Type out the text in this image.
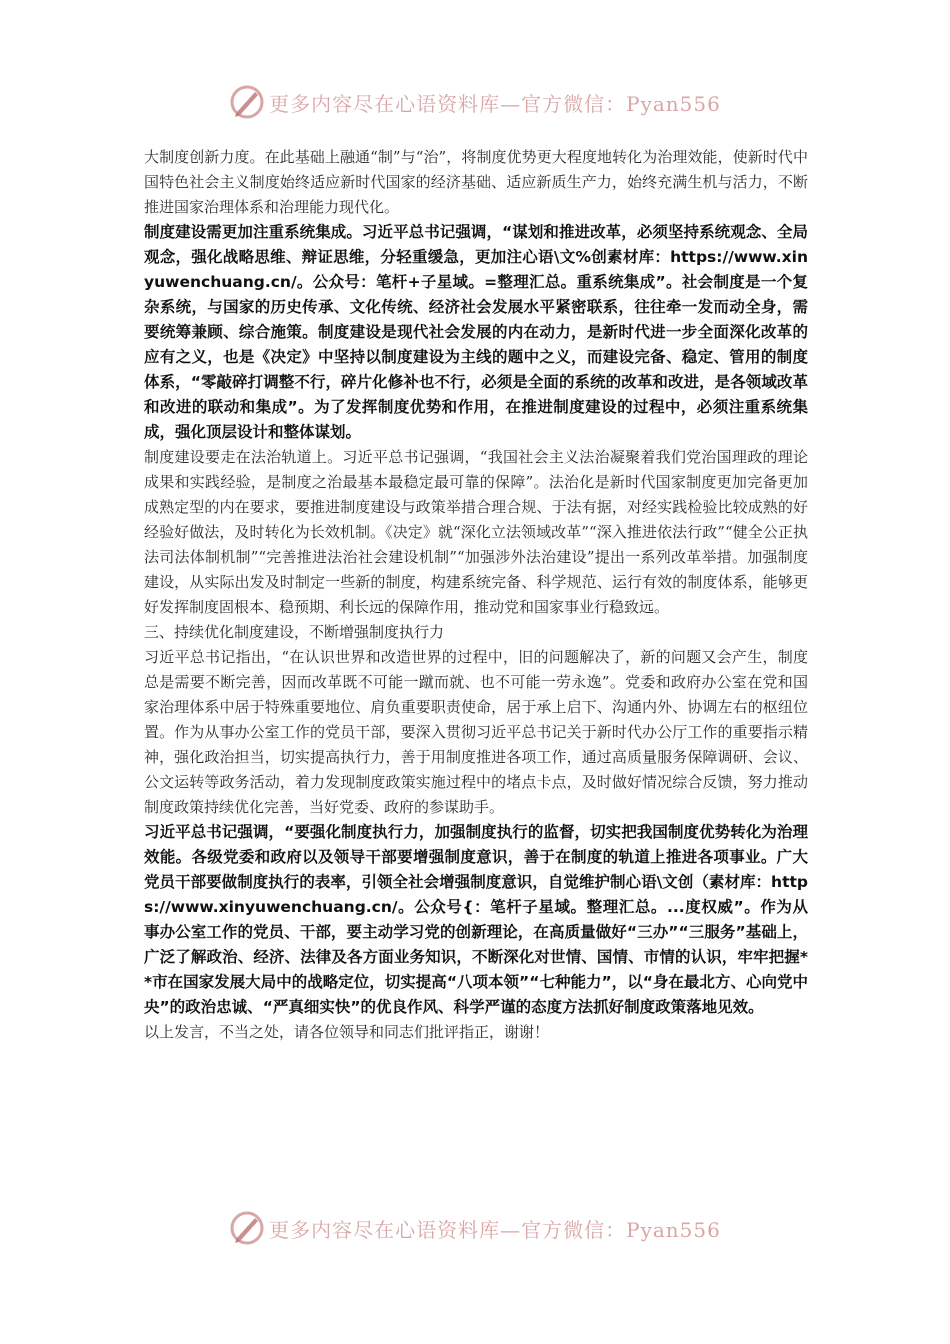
更多内容尽在心语资料库—官方微信：Pyan556

大制度创新力度。在此基础上融通“制”与“治”，将制度优势更大程度地转化为治理效能，使新时代中国特色社会主义制度始终适应新时代国家的经济基础、适应新质生产力，始终充满生机与活力，不断推进国家治理体系和治理能力现代化。

制度建设需更加注重系统集成。习近平总书记强调，“谋划和推进改革，必须坚持系统观念、全局观念，强化战略思维、辩证思维，分轻重缓急，更加注心语\文%创素材库：https://www.xinyuwenchuang.cn/。公众号：笔杆+子星域。=整理汇总。重系统集成”。社会制度是一个复杂系统，与国家的历史传承、文化传统、经济社会发展水平紧密联系，往往牵一发而动全身，需要统筹兼顾、综合施策。制度建设是现代社会发展的内在动力，是新时代进一步全面深化改革的应有之义，也是《决定》中坚持以制度建设为主线的题中之义，而建设完备、稳定、管用的制度体系，“零敲碎打调整不行，碎片化修补也不行，必须是全面的系统的改革和改进，是各领域改革和改进的联动和集成”。为了发挥制度优势和作用，在推进制度建设的过程中，必须注重系统集成，强化顶层设计和整体谋划。

制度建设要走在法治轨道上。习近平总书记强调，“我国社会主义法治凝聚着我们党治国理政的理论成果和实践经验，是制度之治最基本最稳定最可靠的保障”。法治化是新时代国家制度更加完备更加成熟定型的内在要求，要推进制度建设与政策举措合理合规、于法有据，对经实践检验比较成熟的好经验好做法，及时转化为长效机制。《决定》就“深化立法领域改革”“深入推进依法行政”“健全公正执法司法体制机制”“完善推进法治社会建设机制”“加强涉外法治建设”提出一系列改革举措。加强制度建设，从实际出发及时制定一些新的制度，构建系统完备、科学规范、运行有效的制度体系，能够更好发挥制度固根本、稳预期、利长远的保障作用，推动党和国家事业行稳致远。

三、持续优化制度建设，不断增强制度执行力

习近平总书记指出，“在认识世界和改造世界的过程中，旧的问题解决了，新的问题又会产生，制度总是需要不断完善，因而改革既不可能一蹴而就、也不可能一劳永逸”。党委和政府办公室在党和国家治理体系中居于特殊重要地位、肩负重要职责使命，居于承上启下、沟通内外、协调左右的枢纽位置。作为从事办公室工作的党员干部，要深入贯彻习近平总书记关于新时代办公厅工作的重要指示精神，强化政治担当，切实提高执行力，善于用制度推进各项工作，通过高质量服务保障调研、会议、公文运转等政务活动，着力发现制度政策实施过程中的堵点卡点，及时做好情况综合反馈，努力推动制度政策持续优化完善，当好党委、政府的参谋助手。

习近平总书记强调，“要强化制度执行力，加强制度执行的监督，切实把我国制度优势转化为治理效能。各级党委和政府以及领导干部要增强制度意识，善于在制度的轨道上推进各项事业。广大党员干部要做制度执行的表率，引领全社会增强制度意识，自觉维护制心语\文创（素材库：https://www.xinyuwenchuang.cn/。公众号{：笔杆子星域。整理汇总。...度权威”。作为从事办公室工作的党员、干部，要主动学习党的创新理论，在高质量做好“三办”“三服务”基础上，广泛了解政治、经济、法律及各方面业务知识，不断深化对世情、国情、市情的认识，牢牢把握**市在国家发展大局中的战略定位，切实提高“八项本领”“七种能力”，以“身在最北方、心向党中央”的政治忠诚、“严真细实快”的优良作风、科学严谨的态度方法抓好制度政策落地见效。

以上发言，不当之处，请各位领导和同志们批评指正，谢谢！

更多内容尽在心语资料库—官方微信：Pyan556
